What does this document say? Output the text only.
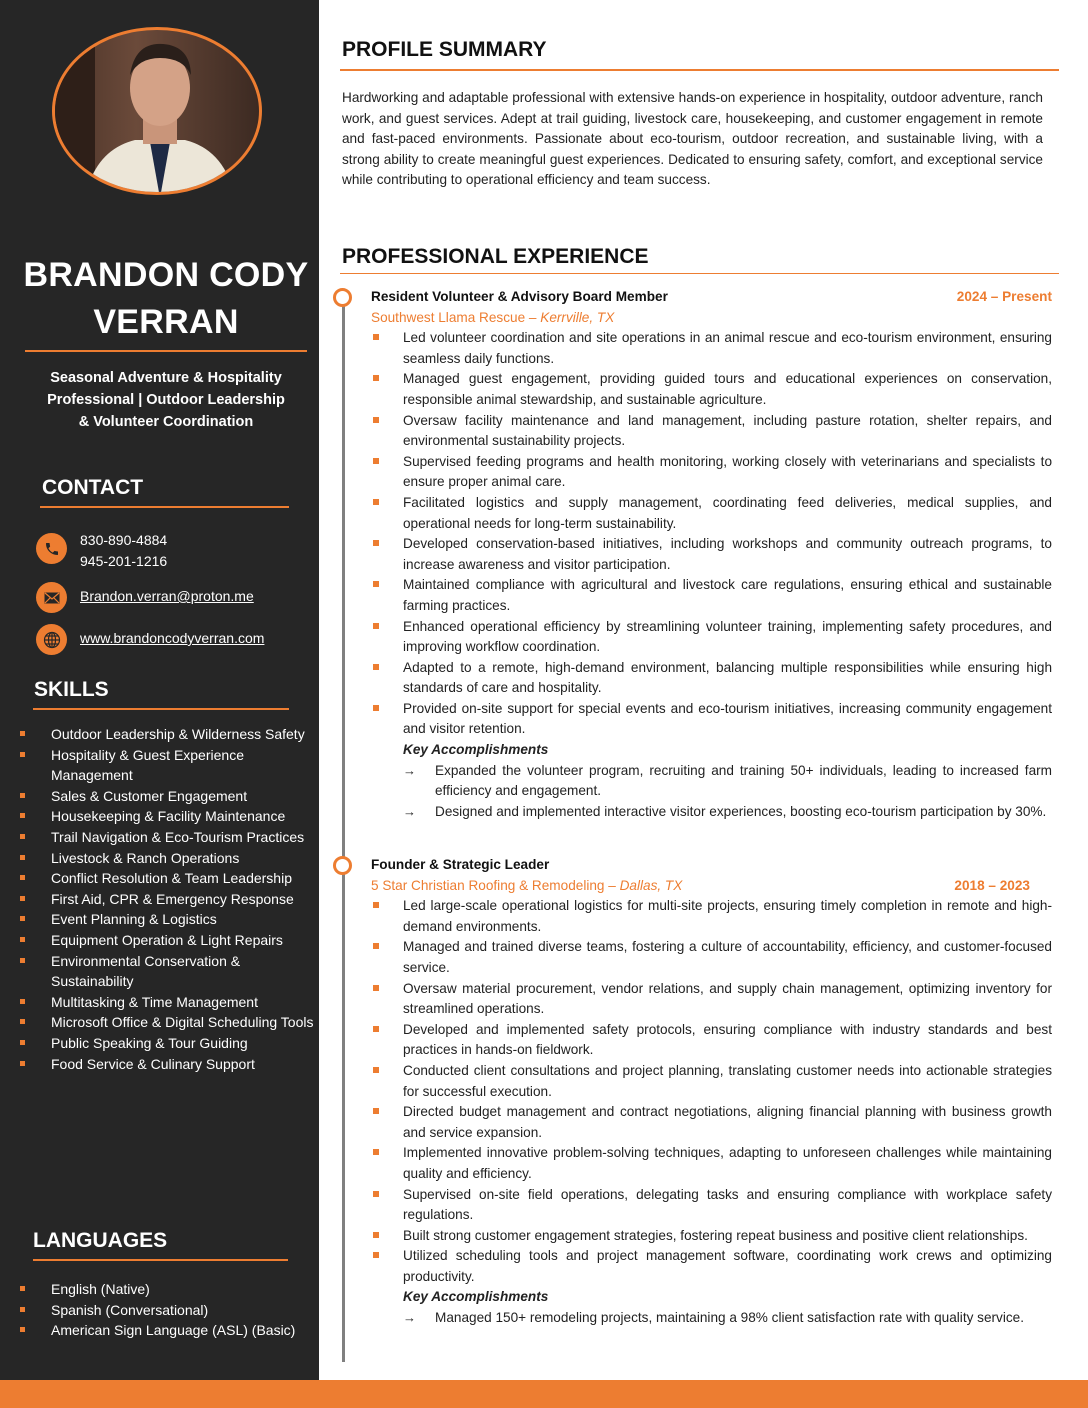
BRANDON CODY
VERRAN
Seasonal Adventure & Hospitality
Professional | Outdoor Leadership
& Volunteer Coordination
CONTACT
830-890-4884
945-201-1216
Brandon.verran@proton.me
www.brandoncodyverran.com
SKILLS
Outdoor Leadership & Wilderness Safety
Hospitality & Guest Experience Management
Sales & Customer Engagement
Housekeeping & Facility Maintenance
Trail Navigation & Eco-Tourism Practices
Livestock & Ranch Operations
Conflict Resolution & Team Leadership
First Aid, CPR & Emergency Response
Event Planning & Logistics
Equipment Operation & Light Repairs
Environmental Conservation & Sustainability
Multitasking & Time Management
Microsoft Office & Digital Scheduling Tools
Public Speaking & Tour Guiding
Food Service & Culinary Support
LANGUAGES
English (Native)
Spanish (Conversational)
American Sign Language (ASL) (Basic)
PROFILE SUMMARY
Hardworking and adaptable professional with extensive hands-on experience in hospitality, outdoor adventure, ranch work, and guest services. Adept at trail guiding, livestock care, housekeeping, and customer engagement in remote and fast-paced environments. Passionate about eco-tourism, outdoor recreation, and sustainable living, with a strong ability to create meaningful guest experiences. Dedicated to ensuring safety, comfort, and exceptional service while contributing to operational efficiency and team success.
PROFESSIONAL EXPERIENCE
Resident Volunteer & Advisory Board Member	2024 – Present
Southwest Llama Rescue – Kerrville, TX
Led volunteer coordination and site operations in an animal rescue and eco-tourism environment, ensuring seamless daily functions.
Managed guest engagement, providing guided tours and educational experiences on conservation, responsible animal stewardship, and sustainable agriculture.
Oversaw facility maintenance and land management, including pasture rotation, shelter repairs, and environmental sustainability projects.
Supervised feeding programs and health monitoring, working closely with veterinarians and specialists to ensure proper animal care.
Facilitated logistics and supply management, coordinating feed deliveries, medical supplies, and operational needs for long-term sustainability.
Developed conservation-based initiatives, including workshops and community outreach programs, to increase awareness and visitor participation.
Maintained compliance with agricultural and livestock care regulations, ensuring ethical and sustainable farming practices.
Enhanced operational efficiency by streamlining volunteer training, implementing safety procedures, and improving workflow coordination.
Adapted to a remote, high-demand environment, balancing multiple responsibilities while ensuring high standards of care and hospitality.
Provided on-site support for special events and eco-tourism initiatives, increasing community engagement and visitor retention.
Key Accomplishments
→ Expanded the volunteer program, recruiting and training 50+ individuals, leading to increased farm efficiency and engagement.
→ Designed and implemented interactive visitor experiences, boosting eco-tourism participation by 30%.
Founder & Strategic Leader
5 Star Christian Roofing & Remodeling – Dallas, TX	2018 – 2023
Led large-scale operational logistics for multi-site projects, ensuring timely completion in remote and high-demand environments.
Managed and trained diverse teams, fostering a culture of accountability, efficiency, and customer-focused service.
Oversaw material procurement, vendor relations, and supply chain management, optimizing inventory for streamlined operations.
Developed and implemented safety protocols, ensuring compliance with industry standards and best practices in hands-on fieldwork.
Conducted client consultations and project planning, translating customer needs into actionable strategies for successful execution.
Directed budget management and contract negotiations, aligning financial planning with business growth and service expansion.
Implemented innovative problem-solving techniques, adapting to unforeseen challenges while maintaining quality and efficiency.
Supervised on-site field operations, delegating tasks and ensuring compliance with workplace safety regulations.
Built strong customer engagement strategies, fostering repeat business and positive client relationships.
Utilized scheduling tools and project management software, coordinating work crews and optimizing productivity.
Key Accomplishments
→ Managed 150+ remodeling projects, maintaining a 98% client satisfaction rate with quality service.
